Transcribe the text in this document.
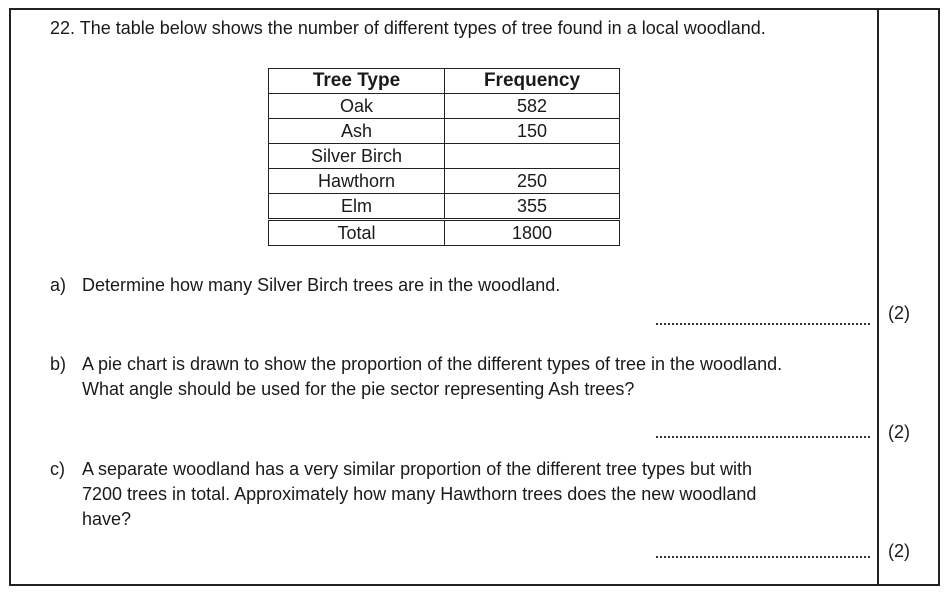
22. The table below shows the number of different types of tree found in a local woodland.
Tree Type	Frequency
Oak	582
Ash	150
Silver Birch	
Hawthorn	250
Elm	355
Total	1800
a) Determine how many Silver Birch trees are in the woodland.
(2)
b) A pie chart is drawn to show the proportion of the different types of tree in the woodland.
What angle should be used for the pie sector representing Ash trees?
(2)
c) A separate woodland has a very similar proportion of the different tree types but with
7200 trees in total. Approximately how many Hawthorn trees does the new woodland
have?
(2)
